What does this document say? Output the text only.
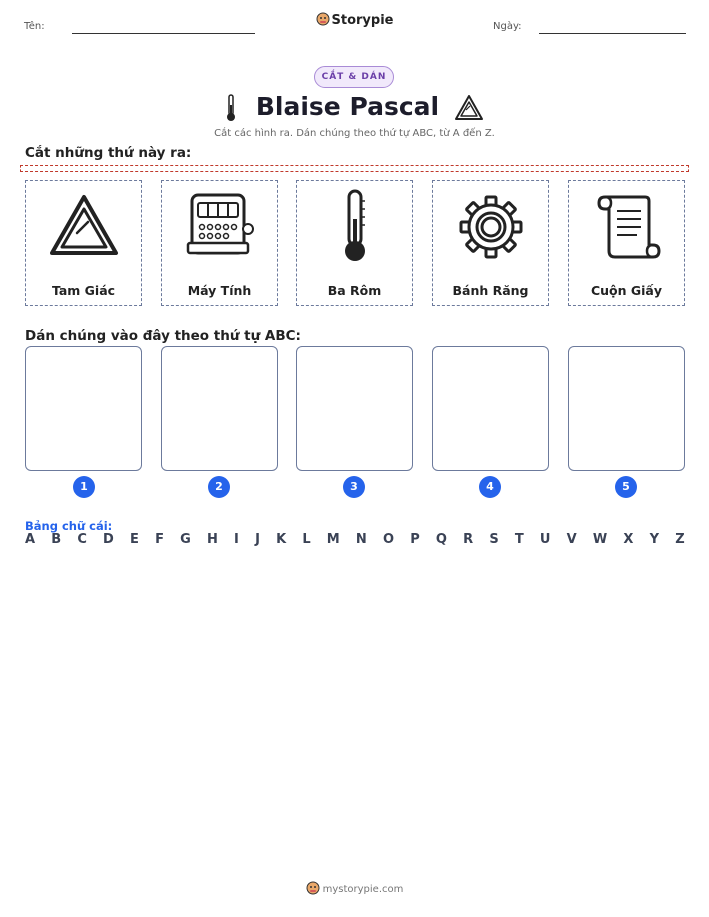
Tên:	Storypie	Ngày:
CẮT & DÁN
Blaise Pascal
Cắt các hình ra. Dán chúng theo thứ tự ABC, từ A đến Z.
Cắt những thứ này ra:
Tam Giác	Máy Tính	Ba Rôm	Bánh Răng	Cuộn Giấy
Dán chúng vào đây theo thứ tự ABC:
1	2	3	4	5
Bảng chữ cái:
A B C D E F G H I J K L M N O P Q R S T U V W X Y Z
mystorypie.com
